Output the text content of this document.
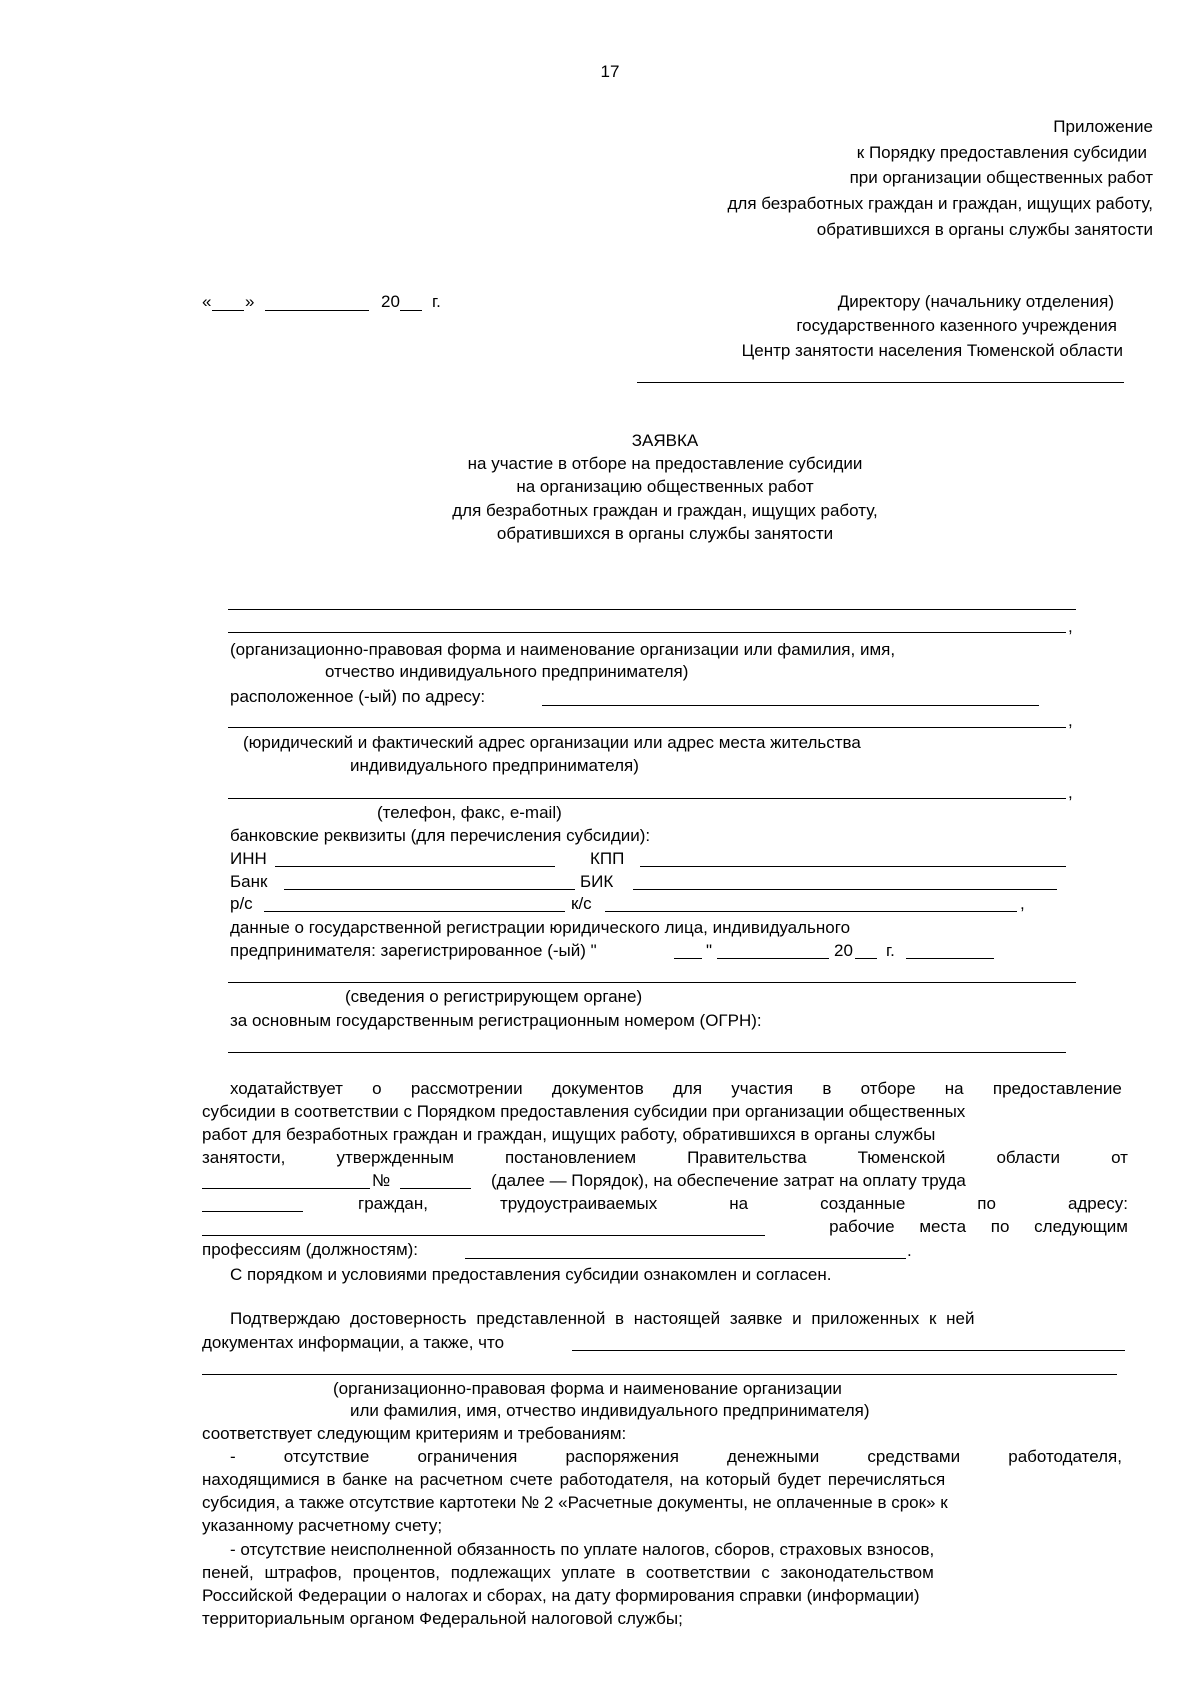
17
Приложение
к Порядку предоставления субсидии
при организации общественных работ
для безработных граждан и граждан, ищущих работу,
обратившихся в органы службы занятости
« »	20 г.	Директору (начальнику отделения)
государственного казенного учреждения
Центр занятости населения Тюменской области
ЗАЯВКА
на участие в отборе на предоставление субсидии
на организацию общественных работ
для безработных граждан и граждан, ищущих работу,
обратившихся в органы службы занятости
,
(организационно-правовая форма и наименование организации или фамилия, имя,
отчество индивидуального предпринимателя)
расположенное (-ый) по адресу:
,
(юридический и фактический адрес организации или адрес места жительства
индивидуального предпринимателя)
,
(телефон, факс, e-mail)
банковские реквизиты (для перечисления субсидии):
ИНН	КПП
Банк	БИК
р/с	к/с	,
данные о государственной регистрации юридического лица, индивидуального
предпринимателя: зарегистрированное (-ый) "	"	20 г.
(сведения о регистрирующем органе)
за основным государственным регистрационным номером (ОГРН):
ходатайствует о рассмотрении документов для участия в отборе на предоставление
субсидии в соответствии с Порядком предоставления субсидии при организации общественных
работ для безработных граждан и граждан, ищущих работу, обратившихся в органы службы
занятости,	утвержденным	постановлением	Правительства	Тюменской	области	от
№	(далее — Порядок), на обеспечение затрат на оплату труда
граждан,	трудоустраиваемых	на	созданные	по	адресу:
рабочие места по следующим
профессиям (должностям):	.
С порядком и условиями предоставления субсидии ознакомлен и согласен.
Подтверждаю достоверность представленной в настоящей заявке и приложенных к ней
документах информации, а также, что
(организационно-правовая форма и наименование организации
или фамилия, имя, отчество индивидуального предпринимателя)
соответствует следующим критериям и требованиям:
-	отсутствие	ограничения	распоряжения	денежными	средствами	работодателя,
находящимися в банке на расчетном счете работодателя, на который будет перечисляться
субсидия, а также отсутствие картотеки № 2 «Расчетные документы, не оплаченные в срок» к
указанному расчетному счету;
- отсутствие неисполненной обязанность по уплате налогов, сборов, страховых взносов,
пеней, штрафов, процентов, подлежащих уплате в соответствии с законодательством
Российской Федерации о налогах и сборах, на дату формирования справки (информации)
территориальным органом Федеральной налоговой службы;
